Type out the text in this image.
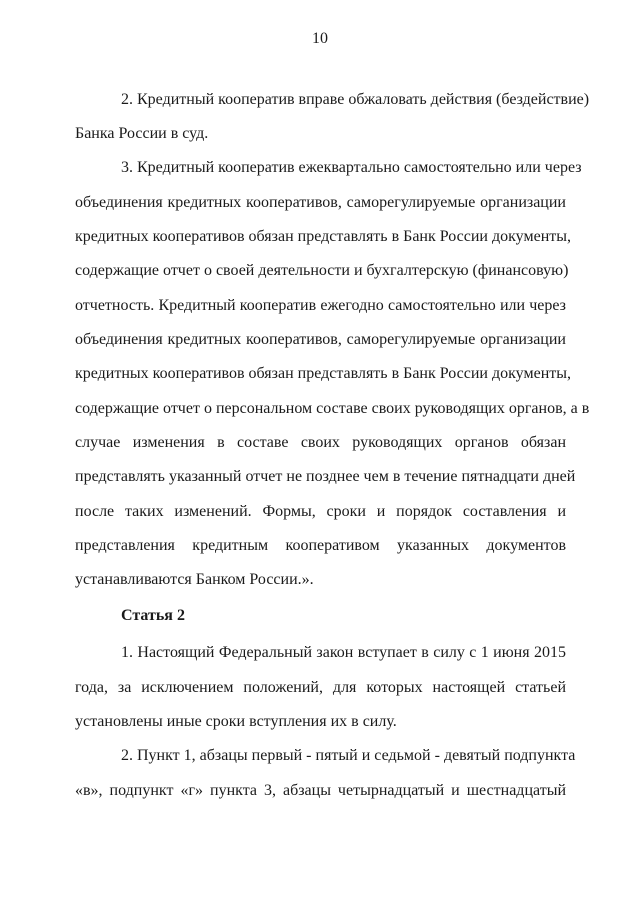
10
2. Кредитный кооператив вправе обжаловать действия (бездействие)
Банка России в суд.
3. Кредитный кооператив ежеквартально самостоятельно или через
объединения кредитных кооперативов, саморегулируемые организации
кредитных кооперативов обязан представлять в Банк России документы,
содержащие отчет о своей деятельности и бухгалтерскую (финансовую)
отчетность. Кредитный кооператив ежегодно самостоятельно или через
объединения кредитных кооперативов, саморегулируемые организации
кредитных кооперативов обязан представлять в Банк России документы,
содержащие отчет о персональном составе своих руководящих органов, а в
случае изменения в составе своих руководящих органов обязан
представлять указанный отчет не позднее чем в течение пятнадцати дней
после таких изменений. Формы, сроки и порядок составления и
представления кредитным кооперативом указанных документов
устанавливаются Банком России.».
Статья 2
1. Настоящий Федеральный закон вступает в силу с 1 июня 2015
года, за исключением положений, для которых настоящей статьей
установлены иные сроки вступления их в силу.
2. Пункт 1, абзацы первый - пятый и седьмой - девятый подпункта
«в», подпункт «г» пункта 3, абзацы четырнадцатый и шестнадцатый
